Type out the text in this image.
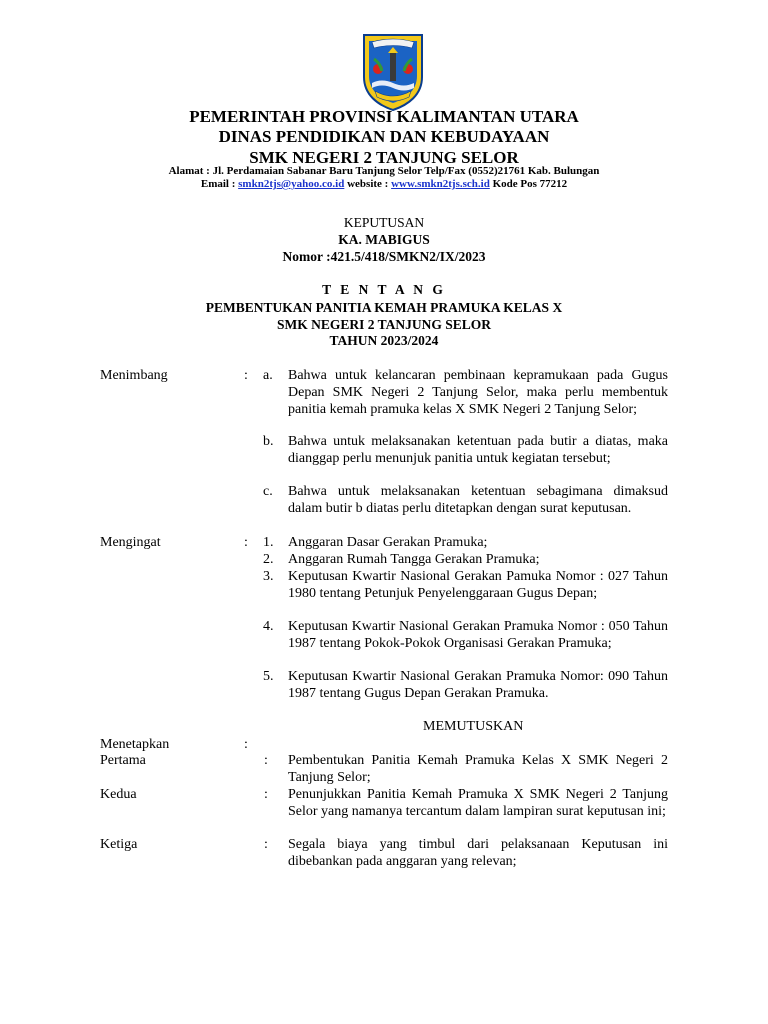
PEMERINTAH PROVINSI KALIMANTAN UTARA
DINAS PENDIDIKAN DAN KEBUDAYAAN
SMK NEGERI 2 TANJUNG SELOR
Alamat : Jl. Perdamaian Sabanar Baru Tanjung Selor Telp/Fax (0552)21761 Kab. Bulungan
Email : smkn2tjs@yahoo.co.id website : www.smkn2tjs.sch.id Kode Pos 77212
KEPUTUSAN
KA. MABIGUS
Nomor :421.5/418/SMKN2/IX/2023
T E N T A N G
PEMBENTUKAN PANITIA KEMAH PRAMUKA KELAS X
SMK NEGERI 2 TANJUNG SELOR
TAHUN 2023/2024
Menimbang	: a. Bahwa untuk kelancaran pembinaan kepramukaan pada Gugus Depan SMK Negeri 2 Tanjung Selor, maka perlu membentuk panitia kemah pramuka kelas X SMK Negeri 2 Tanjung Selor;
b. Bahwa untuk melaksanakan ketentuan pada butir a diatas, maka dianggap perlu menunjuk panitia untuk kegiatan tersebut;
c. Bahwa untuk melaksanakan ketentuan sebagimana dimaksud dalam butir b diatas perlu ditetapkan dengan surat keputusan.
Mengingat	: 1. Anggaran Dasar Gerakan Pramuka;
2. Anggaran Rumah Tangga Gerakan Pramuka;
3. Keputusan Kwartir Nasional Gerakan Pamuka Nomor : 027 Tahun 1980 tentang Petunjuk Penyelenggaraan Gugus Depan;
4. Keputusan Kwartir Nasional Gerakan Pramuka Nomor : 050 Tahun 1987 tentang Pokok-Pokok Organisasi Gerakan Pramuka;
5. Keputusan Kwartir Nasional Gerakan Pramuka Nomor: 090 Tahun 1987 tentang Gugus Depan Gerakan Pramuka.
MEMUTUSKAN
Menetapkan	:
Pertama	: Pembentukan Panitia Kemah Pramuka Kelas X SMK Negeri 2 Tanjung Selor;
Kedua	: Penunjukkan Panitia Kemah Pramuka X SMK Negeri 2 Tanjung Selor yang namanya tercantum dalam lampiran surat keputusan ini;
Ketiga	: Segala biaya yang timbul dari pelaksanaan Keputusan ini dibebankan pada anggaran yang relevan;
